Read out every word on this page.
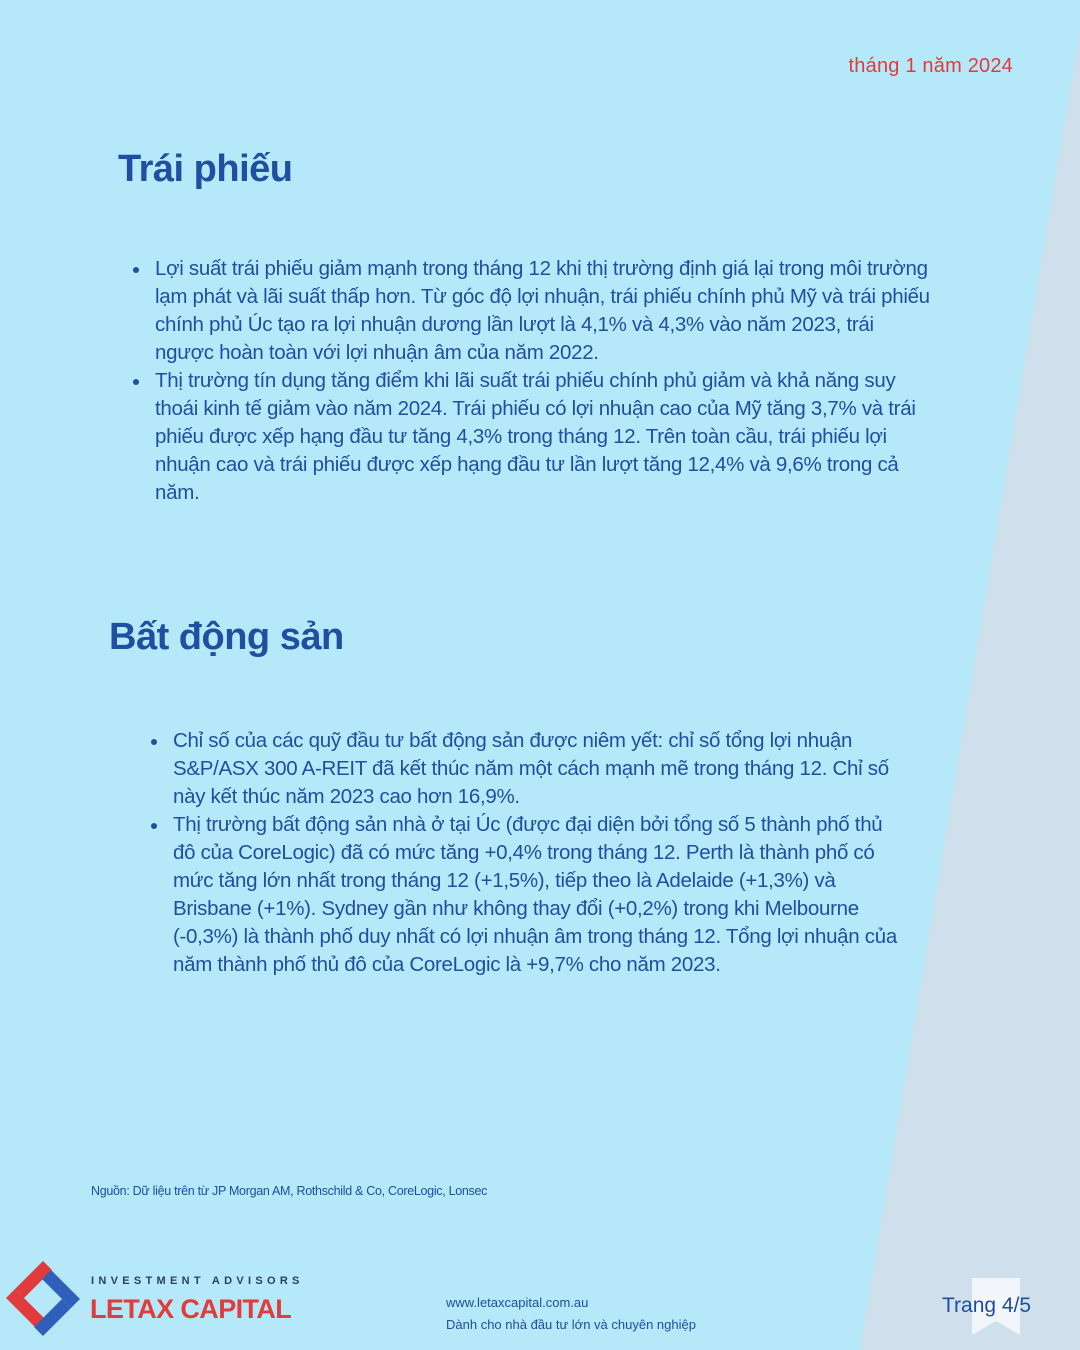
tháng 1 năm 2024
Trái phiếu
Lợi suất trái phiếu giảm mạnh trong tháng 12 khi thị trường định giá lại trong môi trường lạm phát và lãi suất thấp hơn. Từ góc độ lợi nhuận, trái phiếu chính phủ Mỹ và trái phiếu chính phủ Úc tạo ra lợi nhuận dương lần lượt là 4,1% và 4,3% vào năm 2023, trái ngược hoàn toàn với lợi nhuận âm của năm 2022.
Thị trường tín dụng tăng điểm khi lãi suất trái phiếu chính phủ giảm và khả năng suy thoái kinh tế giảm vào năm 2024. Trái phiếu có lợi nhuận cao của Mỹ tăng 3,7% và trái phiếu được xếp hạng đầu tư tăng 4,3% trong tháng 12. Trên toàn cầu, trái phiếu lợi nhuận cao và trái phiếu được xếp hạng đầu tư lần lượt tăng 12,4% và 9,6% trong cả năm.
Bất động sản
Chỉ số của các quỹ đầu tư bất động sản được niêm yết: chỉ số tổng lợi nhuận S&P/ASX 300 A-REIT đã kết thúc năm một cách mạnh mẽ trong tháng 12. Chỉ số này kết thúc năm 2023 cao hơn 16,9%.
Thị trường bất động sản nhà ở tại Úc (được đại diện bởi tổng số 5 thành phố thủ đô của CoreLogic) đã có mức tăng +0,4% trong tháng 12. Perth là thành phố có mức tăng lớn nhất trong tháng 12 (+1,5%), tiếp theo là Adelaide (+1,3%) và Brisbane (+1%). Sydney gần như không thay đổi (+0,2%) trong khi Melbourne (-0,3%) là thành phố duy nhất có lợi nhuận âm trong tháng 12. Tổng lợi nhuận của năm thành phố thủ đô của CoreLogic là +9,7% cho năm 2023.
Nguồn: Dữ liệu trên từ JP Morgan AM, Rothschild & Co, CoreLogic, Lonsec
INVESTMENT ADVISORS
LETAX CAPITAL	www.letaxcapital.com.au
Dành cho nhà đầu tư lớn và chuyên nghiệp
Trang 4/5
